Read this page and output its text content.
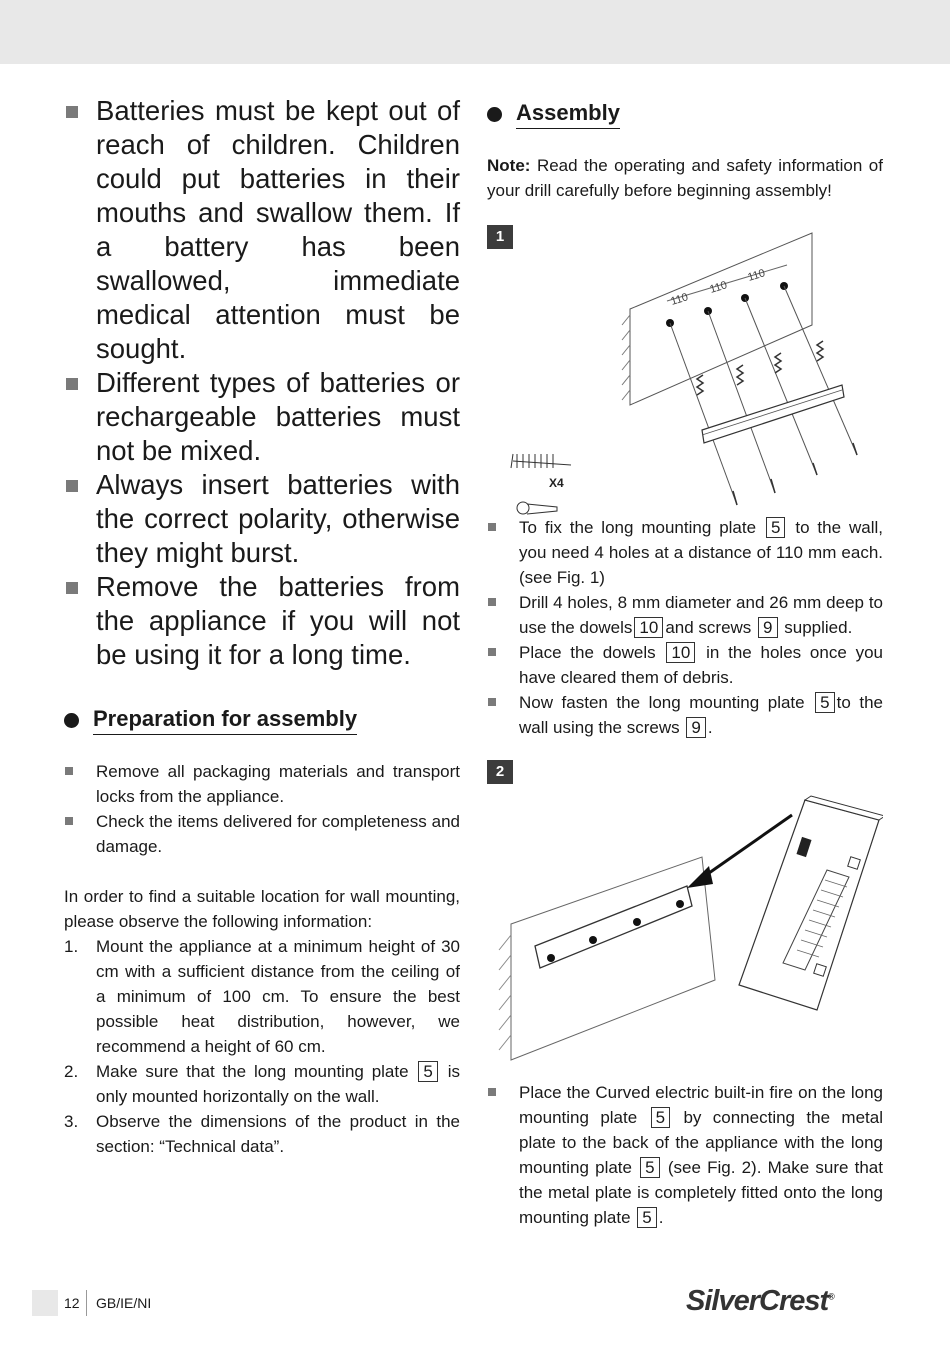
Batteries must be kept out of reach of children. Children could put batteries in their mouths and swallow them. If a battery has been swallowed, immediate medical attention must be sought.
Different types of batteries or rechargeable batteries must not be mixed.
Always insert batteries with the correct polarity, otherwise they might burst.
Remove the batteries from the appliance if you will not be using it for a long time.
Preparation for assembly
Remove all packaging materials and transport locks from the appliance.
Check the items delivered for completeness and damage.

In order to find a suitable location for wall mounting, please observe the following information:

1. Mount the appliance at a minimum height of 30 cm with a sufficient distance from the ceiling of a minimum of 100 cm. To ensure the best possible heat distribution, however, we recommend a height of 60 cm.
2. Make sure that the long mounting plate 5 is only mounted horizontally on the wall.
3. Observe the dimensions of the product in the section: “Technical data”.
Assembly

Note: Read the operating and safety information of your drill carefully before beginning assembly!

1
110
110
110
X4
To fix the long mounting plate 5 to the wall, you need 4 holes at a distance of 110 mm each. (see Fig. 1)
Drill 4 holes, 8 mm diameter and 26 mm deep to use the dowels 10 and screws 9 supplied.
Place the dowels 10 in the holes once you have cleared them of debris.
Now fasten the long mounting plate 5 to the wall using the screws 9 .
2
Place the Curved electric built-in fire on the long mounting plate 5 by connecting the metal plate to the back of the appliance with the long mounting plate 5 (see Fig. 2). Make sure that the metal plate is completely fitted onto the long mounting plate 5 .
12 GB/IE/NI	SilverCrest®
